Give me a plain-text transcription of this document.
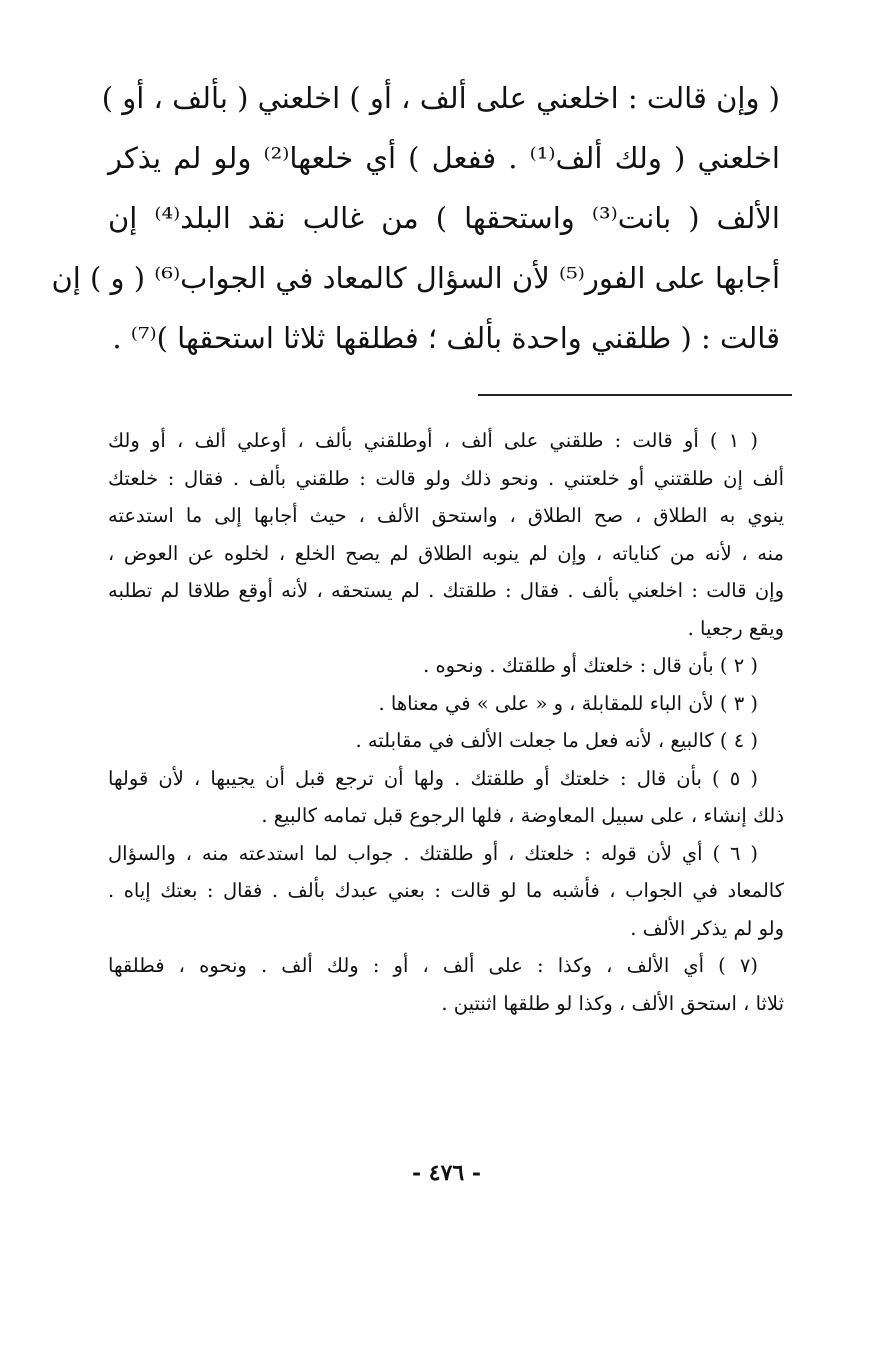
( وإن قالت : اخلعني على ألف ، أو ) اخلعني ( بألف ، أو )
اخلعني ( ولك ألف⁽¹⁾ . ففعل ) أي خلعها⁽²⁾ ولو لم يذكر
الألف ( بانت⁽³⁾ واستحقها ) من غالب نقد البلد⁽⁴⁾ إن
أجابها على الفور⁽⁵⁾ لأن السؤال كالمعاد في الجواب⁽⁶⁾ ( و ) إن
قالت : ( طلقني واحدة بألف ؛ فطلقها ثلاثا استحقها )⁽⁷⁾ .
( ١ ) أو قالت : طلقني على ألف ، أوطلقني بألف ، أوعلي ألف ، أو ولك
ألف إن طلقتني أو خلعتني . ونحو ذلك ولو قالت : طلقني بألف . فقال : خلعتك
ينوي به الطلاق ، صح الطلاق ، واستحق الألف ، حيث أجابها إلى ما استدعته
منه ، لأنه من كناياته ، وإن لم ينوبه الطلاق لم يصح الخلع ، لخلوه عن العوض ،
وإن قالت : اخلعني بألف . فقال : طلقتك . لم يستحقه ، لأنه أوقع طلاقا لم تطلبه
ويقع رجعيا .
( ٢ ) بأن قال : خلعتك أو طلقتك . ونحوه .
( ٣ ) لأن الباء للمقابلة ، و « على » في معناها .
( ٤ ) كالبيع ، لأنه فعل ما جعلت الألف في مقابلته .
( ٥ ) بأن قال : خلعتك أو طلقتك . ولها أن ترجع قبل أن يجيبها ، لأن قولها
ذلك إنشاء ، على سبيل المعاوضة ، فلها الرجوع قبل تمامه كالبيع .
( ٦ ) أي لأن قوله : خلعتك ، أو طلقتك . جواب لما استدعته منه ، والسؤال
كالمعاد في الجواب ، فأشبه ما لو قالت : بعني عبدك بألف . فقال : بعتك إياه .
ولو لم يذكر الألف .
(٧ ) أي الألف ، وكذا : على ألف ، أو : ولك ألف . ونحوه ، فطلقها
ثلاثا ، استحق الألف ، وكذا لو طلقها اثنتين .
- ٤٧٦ -
